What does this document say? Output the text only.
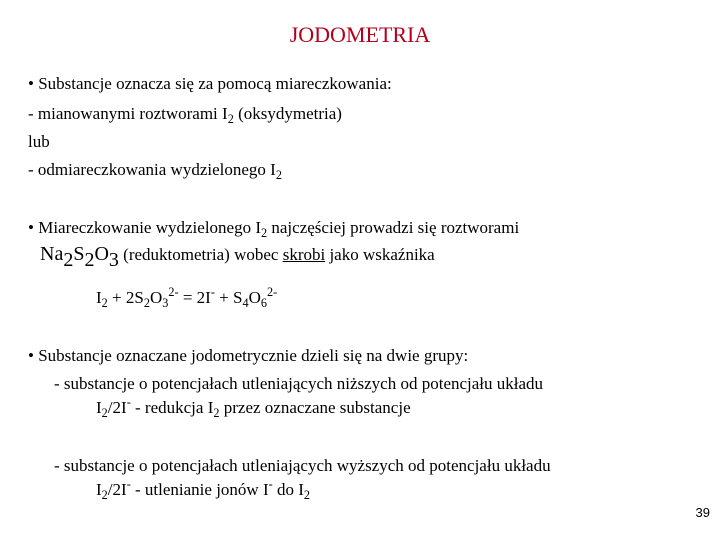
JODOMETRIA
• Substancje oznacza się za pomocą miareczkowania:
- mianowanymi roztworami $I_2$ (oksydymetria)
lub
- odmiareczkowania wydzielonego $I_2$
• Miareczkowanie wydzielonego $I_2$ najczęściej prowadzi się roztworami
$Na_2S_2O_3$ (reduktometria) wobec skrobi jako wskaźnika
$I_2 + 2S_2O_3^{2-} = 2I^- + S_4O_6^{2-}$
• Substancje oznaczane jodometrycznie dzieli się na dwie grupy:
- substancje o potencjałach utleniających niższych od potencjału układu
$I_2/2I^-$ - redukcja $I_2$ przez oznaczane substancje
- substancje o potencjałach utleniających wyższych od potencjału układu
$I_2/2I^-$ - utlenianie jonów I- do $I_2$
39
